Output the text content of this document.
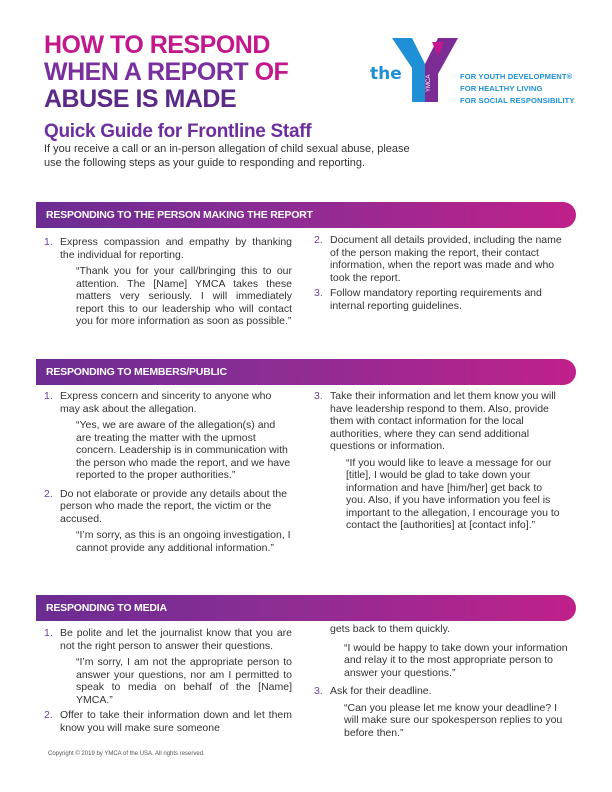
HOW TO RESPOND
WHEN A REPORT OF
ABUSE IS MADE
Quick Guide for Frontline Staff
If you receive a call or an in-person allegation of child sexual abuse, please use the following steps as your guide to responding and reporting.
the	YMCA	FOR YOUTH DEVELOPMENT®
FOR HEALTHY LIVING
FOR SOCIAL RESPONSIBILITY
RESPONDING TO THE PERSON MAKING THE REPORT
1. Express compassion and empathy by thanking the individual for reporting.
“Thank you for your call/bringing this to our attention. The [Name] YMCA takes these matters very seriously. I will immediately report this to our leadership who will contact you for more information as soon as possible.”
2. Document all details provided, including the name of the person making the report, their contact information, when the report was made and who took the report.
3. Follow mandatory reporting requirements and internal reporting guidelines.
RESPONDING TO MEMBERS/PUBLIC
1. Express concern and sincerity to anyone who may ask about the allegation.
“Yes, we are aware of the allegation(s) and are treating the matter with the upmost concern. Leadership is in communication with the person who made the report, and we have reported to the proper authorities.”
2. Do not elaborate or provide any details about the person who made the report, the victim or the accused.
“I’m sorry, as this is an ongoing investigation, I cannot provide any additional information.”
3. Take their information and let them know you will have leadership respond to them. Also, provide them with contact information for the local authorities, where they can send additional questions or information.
“If you would like to leave a message for our [title], I would be glad to take down your information and have [him/her] get back to you. Also, if you have information you feel is important to the allegation, I encourage you to contact the [authorities] at [contact info].”
RESPONDING TO MEDIA
1. Be polite and let the journalist know that you are not the right person to answer their questions.
“I’m sorry, I am not the appropriate person to answer your questions, nor am I permitted to speak to media on behalf of the [Name] YMCA.”
2. Offer to take their information down and let them know you will make sure someone
gets back to them quickly.
“I would be happy to take down your information and relay it to the most appropriate person to answer your questions.”
3. Ask for their deadline.
“Can you please let me know your deadline? I will make sure our spokesperson replies to you before then.”
Copyright © 2019 by YMCA of the USA. All rights reserved.
